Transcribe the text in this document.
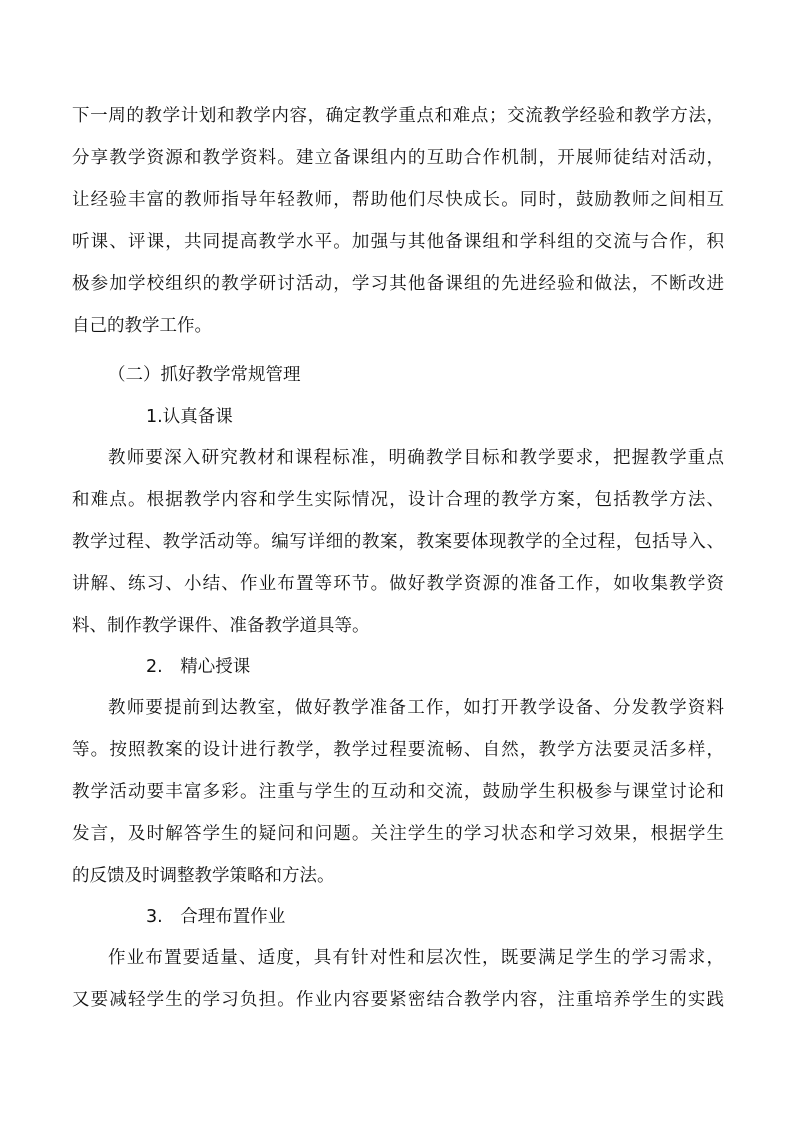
下一周的教学计划和教学内容，确定教学重点和难点；交流教学经验和教学方法，
分享教学资源和教学资料。建立备课组内的互助合作机制，开展师徒结对活动，
让经验丰富的教师指导年轻教师，帮助他们尽快成长。同时，鼓励教师之间相互
听课、评课，共同提高教学水平。加强与其他备课组和学科组的交流与合作，积
极参加学校组织的教学研讨活动，学习其他备课组的先进经验和做法，不断改进
自己的教学工作。
（二）抓好教学常规管理
1.认真备课
教师要深入研究教材和课程标准，明确教学目标和教学要求，把握教学重点
和难点。根据教学内容和学生实际情况，设计合理的教学方案，包括教学方法、
教学过程、教学活动等。编写详细的教案，教案要体现教学的全过程，包括导入、
讲解、练习、小结、作业布置等环节。做好教学资源的准备工作，如收集教学资
料、制作教学课件、准备教学道具等。
2.　精心授课
教师要提前到达教室，做好教学准备工作，如打开教学设备、分发教学资料
等。按照教案的设计进行教学，教学过程要流畅、自然，教学方法要灵活多样，
教学活动要丰富多彩。注重与学生的互动和交流，鼓励学生积极参与课堂讨论和
发言，及时解答学生的疑问和问题。关注学生的学习状态和学习效果，根据学生
的反馈及时调整教学策略和方法。
3.　合理布置作业
作业布置要适量、适度，具有针对性和层次性，既要满足学生的学习需求，
又要减轻学生的学习负担。作业内容要紧密结合教学内容，注重培养学生的实践
